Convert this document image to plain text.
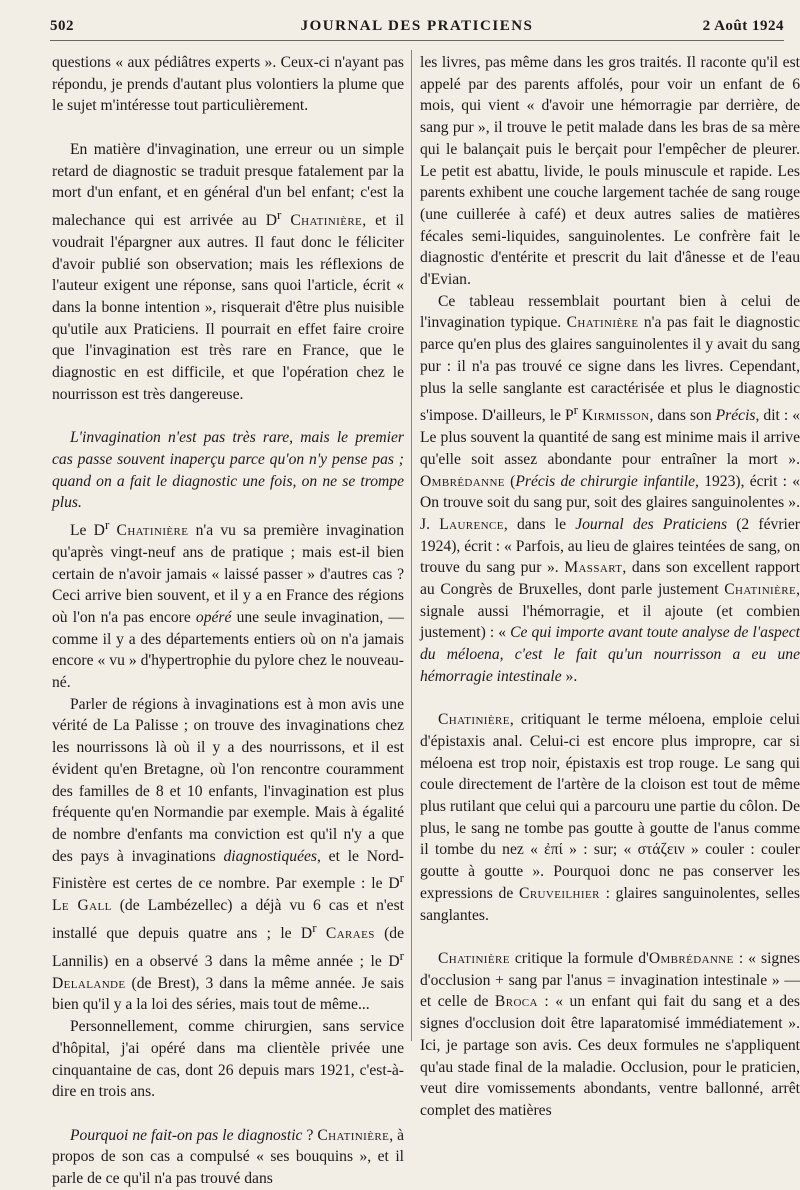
502	JOURNAL DES PRATICIENS	2 Août 1924

questions « aux pédiâtres experts ». Ceux-ci n'ayant pas répondu, je prends d'autant plus volontiers la plume que le sujet m'intéresse tout particulièrement.

En matière d'invagination, une erreur ou un simple retard de diagnostic se traduit presque fatalement par la mort d'un enfant, et en général d'un bel enfant; c'est la malechance qui est arrivée au $D^r$ Chatinière, et il voudrait l'épargner aux autres. Il faut donc le féliciter d'avoir publié son observation; mais les réflexions de l'auteur exigent une réponse, sans quoi l'article, écrit « dans la bonne intention », risquerait d'être plus nuisible qu'utile aux Praticiens. Il pourrait en effet faire croire que l'invagination est très rare en France, que le diagnostic en est difficile, et que l'opération chez le nourrisson est très dangereuse.

L'invagination n'est pas très rare, mais le premier cas passe souvent inaperçu parce qu'on n'y pense pas ; quand on a fait le diagnostic une fois, on ne se trompe plus.

Le $D^r$ Chatinière n'a vu sa première invagination qu'après vingt-neuf ans de pratique ; mais est-il bien certain de n'avoir jamais « laissé passer » d'autres cas ? Ceci arrive bien souvent, et il y a en France des régions où l'on n'a pas encore opéré une seule invagination, — comme il y a des départements entiers où on n'a jamais encore « vu » d'hypertrophie du pylore chez le nouveau-né.

Parler de régions à invaginations est à mon avis une vérité de La Palisse ; on trouve des invaginations chez les nourrissons là où il y a des nourrissons, et il est évident qu'en Bretagne, où l'on rencontre couramment des familles de 8 et 10 enfants, l'invagination est plus fréquente qu'en Normandie par exemple. Mais à égalité de nombre d'enfants ma conviction est qu'il n'y a que des pays à invaginations diagnostiquées, et le Nord-Finistère est certes de ce nombre. Par exemple : le $D^r$ Le Gall (de Lambézellec) a déjà vu 6 cas et n'est installé que depuis quatre ans ; le $D^r$ Caraes (de Lannilis) en a observé 3 dans la même année ; le $D^r$ Delalande (de Brest), 3 dans la même année. Je sais bien qu'il y a la loi des séries, mais tout de même...

Personnellement, comme chirurgien, sans service d'hôpital, j'ai opéré dans ma clientèle privée une cinquantaine de cas, dont 26 depuis mars 1921, c'est-à-dire en trois ans.

Pourquoi ne fait-on pas le diagnostic ? Chatinière, à propos de son cas a compulsé « ses bouquins », et il parle de ce qu'il n'a pas trouvé dans

les livres, pas même dans les gros traités. Il raconte qu'il est appelé par des parents affolés, pour voir un enfant de 6 mois, qui vient « d'avoir une hémorragie par derrière, de sang pur », il trouve le petit malade dans les bras de sa mère qui le balançait puis le berçait pour l'empêcher de pleurer. Le petit est abattu, livide, le pouls minuscule et rapide. Les parents exhibent une couche largement tachée de sang rouge (une cuillerée à café) et deux autres salies de matières fécales semi-liquides, sanguinolentes. Le confrère fait le diagnostic d'entérite et prescrit du lait d'ânesse et de l'eau d'Evian.

Ce tableau ressemblait pourtant bien à celui de l'invagination typique. Chatinière n'a pas fait le diagnostic parce qu'en plus des glaires sanguinolentes il y avait du sang pur : il n'a pas trouvé ce signe dans les livres. Cependant, plus la selle sanglante est caractérisée et plus le diagnostic s'impose. D'ailleurs, le $P^r$ Kirmisson, dans son Précis, dit : « Le plus souvent la quantité de sang est minime mais il arrive qu'elle soit assez abondante pour entraîner la mort ». Ombrédanne (Précis de chirurgie infantile, 1923), écrit : « On trouve soit du sang pur, soit des glaires sanguinolentes ». J. Laurence, dans le Journal des Praticiens (2 février 1924), écrit : « Parfois, au lieu de glaires teintées de sang, on trouve du sang pur ». Massart, dans son excellent rapport au Congrès de Bruxelles, dont parle justement Chatinière, signale aussi l'hémorragie, et il ajoute (et combien justement) : « Ce qui importe avant toute analyse de l'aspect du méloena, c'est le fait qu'un nourrisson a eu une hémorragie intestinale ».

Chatinière, critiquant le terme méloena, emploie celui d'épistaxis anal. Celui-ci est encore plus impropre, car si méloena est trop noir, épistaxis est trop rouge. Le sang qui coule directement de l'artère de la cloison est tout de même plus rutilant que celui qui a parcouru une partie du côlon. De plus, le sang ne tombe pas goutte à goutte de l'anus comme il tombe du nez « ἐπί » : sur; « στάζειν » couler : couler goutte à goutte ». Pourquoi donc ne pas conserver les expressions de Cruveilhier : glaires sanguinolentes, selles sanglantes.

Chatinière critique la formule d'Ombrédanne : « signes d'occlusion + sang par l'anus = invagination intestinale » — et celle de Broca : « un enfant qui fait du sang et a des signes d'occlusion doit être laparatomisé immédiatement ». Ici, je partage son avis. Ces deux formules ne s'appliquent qu'au stade final de la maladie. Occlusion, pour le praticien, veut dire vomissements abondants, ventre ballonné, arrêt complet des matières
